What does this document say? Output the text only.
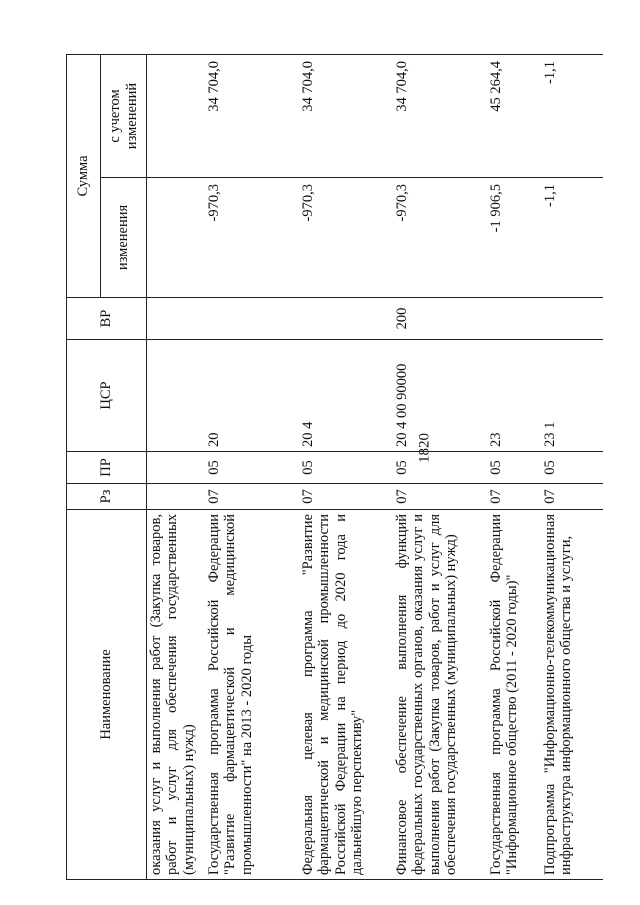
1820
Наименование	Рз	ПР	ЦСР	ВР	Сумма	
					изменения	с учетом изменений
оказания услуг и выполнения работ (Закупка товаров, работ и услуг для обеспечения государственных (муниципальных) нужд)						
Государственная программа Российской Федерации "Развитие фармацевтической и медицинской промышленности" на 2013 - 2020 годы	07	05	20		-970,3	34 704,0
Федеральная целевая программа "Развитие фармацевтической и медицинской промышленности Российской Федерации на период до 2020 года и дальнейшую перспективу"	07	05	20 4		-970,3	34 704,0
Финансовое обеспечение выполнения функций федеральных государственных органов, оказания услуг и выполнения работ (Закупка товаров, работ и услуг для обеспечения государственных (муниципальных) нужд)	07	05	20 4 00 90000	200	-970,3	34 704,0
Государственная программа Российской Федерации "Информационное общество (2011 - 2020 годы)"	07	05	23		-1 906,5	45 264,4
Подпрограмма "Информационно-телекоммуникационная инфраструктура информационного общества и услуги,	07	05	23 1		-1,1	-1,1
